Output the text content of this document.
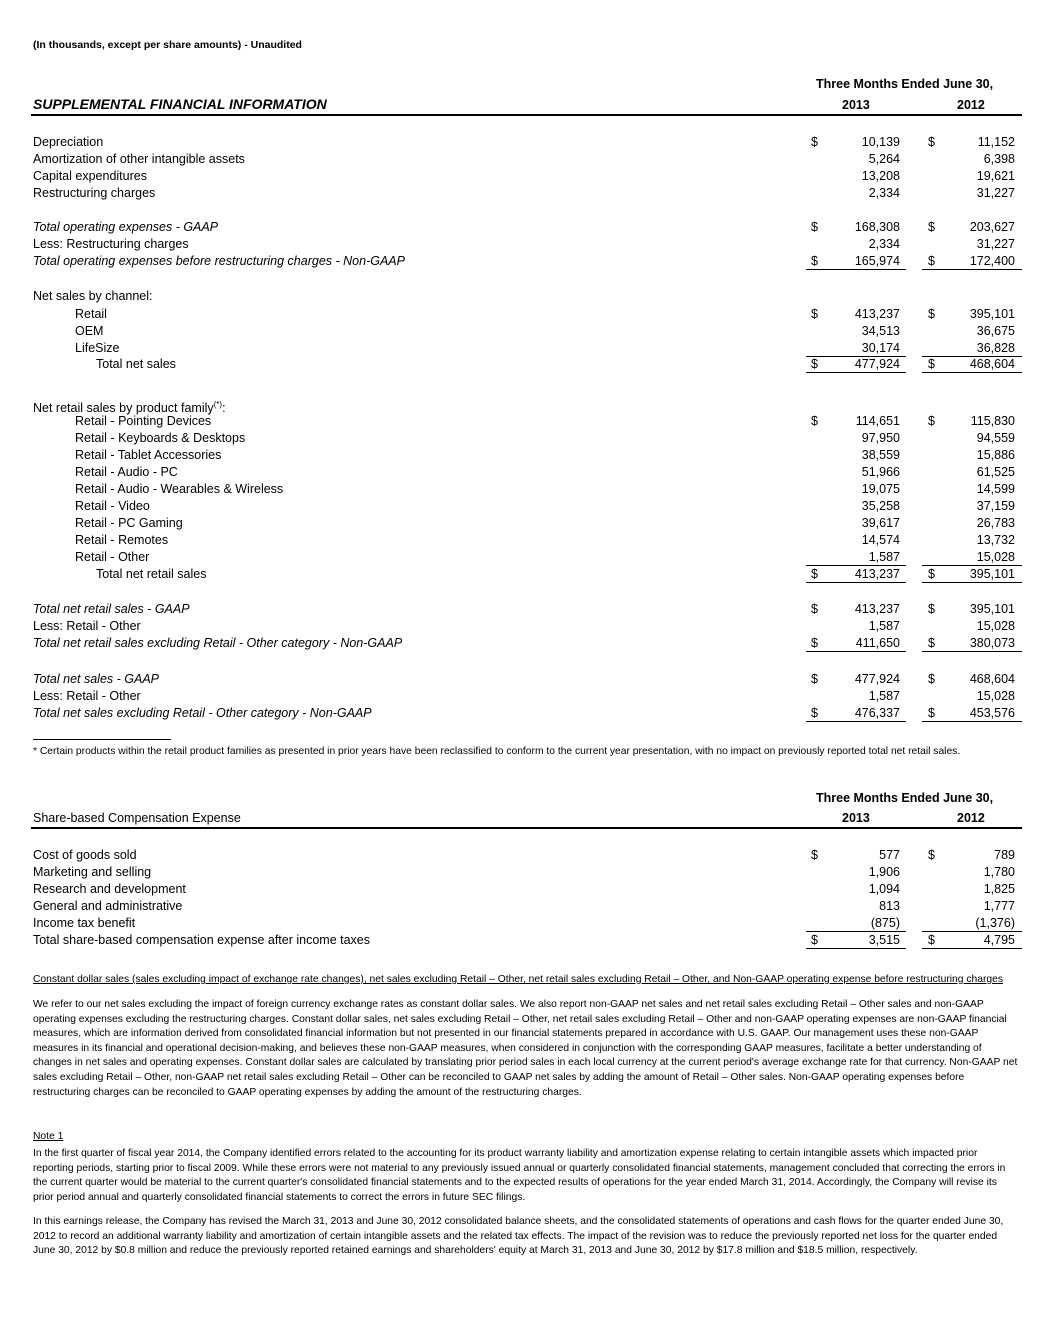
(In thousands, except per share amounts) - Unaudited
Three Months Ended June 30,
SUPPLEMENTAL FINANCIAL INFORMATION	2013	2012
Depreciation	$	10,139 $	11,152
Amortization of other intangible assets	5,264	6,398
Capital expenditures	13,208	19,621
Restructuring charges	2,334	31,227
Total operating expenses - GAAP	$	168,308 $	203,627
Less: Restructuring charges	2,334	31,227
Total operating expenses before restructuring charges - Non-GAAP	$	165,974 $	172,400
Net sales by channel:
Retail	$	413,237 $	395,101
OEM	34,513	36,675
LifeSize	30,174	36,828
Total net sales	$	477,924 $	468,604
Net retail sales by product family(*):
Retail - Pointing Devices	$	114,651 $	115,830
Retail - Keyboards & Desktops	97,950	94,559
Retail - Tablet Accessories	38,559	15,886
Retail - Audio - PC	51,966	61,525
Retail - Audio - Wearables & Wireless	19,075	14,599
Retail - Video	35,258	37,159
Retail - PC Gaming	39,617	26,783
Retail - Remotes	14,574	13,732
Retail - Other	1,587	15,028
Total net retail sales	$	413,237 $	395,101
Total net retail sales - GAAP	$	413,237 $	395,101
Less: Retail - Other	1,587	15,028
Total net retail sales excluding Retail - Other category - Non-GAAP	$	411,650 $	380,073
Total net sales - GAAP	$	477,924 $	468,604
Less: Retail - Other	1,587	15,028
Total net sales excluding Retail - Other category - Non-GAAP	$	476,337 $	453,576
* Certain products within the retail product families as presented in prior years have been reclassified to conform to the current year presentation, with no impact on previously reported total net retail sales.
Three Months Ended June 30,
Share-based Compensation Expense	2013	2012
Cost of goods sold	$	577 $	789
Marketing and selling	1,906	1,780
Research and development	1,094	1,825
General and administrative	813	1,777
Income tax benefit	(875)	(1,376)
Total share-based compensation expense after income taxes	$	3,515 $	4,795
Constant dollar sales (sales excluding impact of exchange rate changes), net sales excluding Retail – Other, net retail sales excluding Retail – Other, and Non-GAAP operating expense before restructuring charges
We refer to our net sales excluding the impact of foreign currency exchange rates as constant dollar sales. We also report non-GAAP net sales and net retail sales excluding Retail – Other sales and non-GAAP operating expenses excluding the restructuring charges. Constant dollar sales, net sales excluding Retail – Other, net retail sales excluding Retail – Other and non-GAAP operating expenses are non-GAAP financial measures, which are information derived from consolidated financial information but not presented in our financial statements prepared in accordance with U.S. GAAP. Our management uses these non-GAAP measures in its financial and operational decision-making, and believes these non-GAAP measures, when considered in conjunction with the corresponding GAAP measures, facilitate a better understanding of changes in net sales and operating expenses. Constant dollar sales are calculated by translating prior period sales in each local currency at the current period's average exchange rate for that currency. Non-GAAP net sales excluding Retail – Other, non-GAAP net retail sales excluding Retail – Other can be reconciled to GAAP net sales by adding the amount of Retail – Other sales. Non-GAAP operating expenses before restructuring charges can be reconciled to GAAP operating expenses by adding the amount of the restructuring charges.
Note 1
In the first quarter of fiscal year 2014, the Company identified errors related to the accounting for its product warranty liability and amortization expense relating to certain intangible assets which impacted prior reporting periods, starting prior to fiscal 2009. While these errors were not material to any previously issued annual or quarterly consolidated financial statements, management concluded that correcting the errors in the current quarter would be material to the current quarter's consolidated financial statements and to the expected results of operations for the year ended March 31, 2014. Accordingly, the Company will revise its prior period annual and quarterly consolidated financial statements to correct the errors in future SEC filings.
In this earnings release, the Company has revised the March 31, 2013 and June 30, 2012 consolidated balance sheets, and the consolidated statements of operations and cash flows for the quarter ended June 30, 2012 to record an additional warranty liability and amortization of certain intangible assets and the related tax effects. The impact of the revision was to reduce the previously reported net loss for the quarter ended June 30, 2012 by $0.8 million and reduce the previously reported retained earnings and shareholders' equity at March 31, 2013 and June 30, 2012 by $17.8 million and $18.5 million, respectively.
